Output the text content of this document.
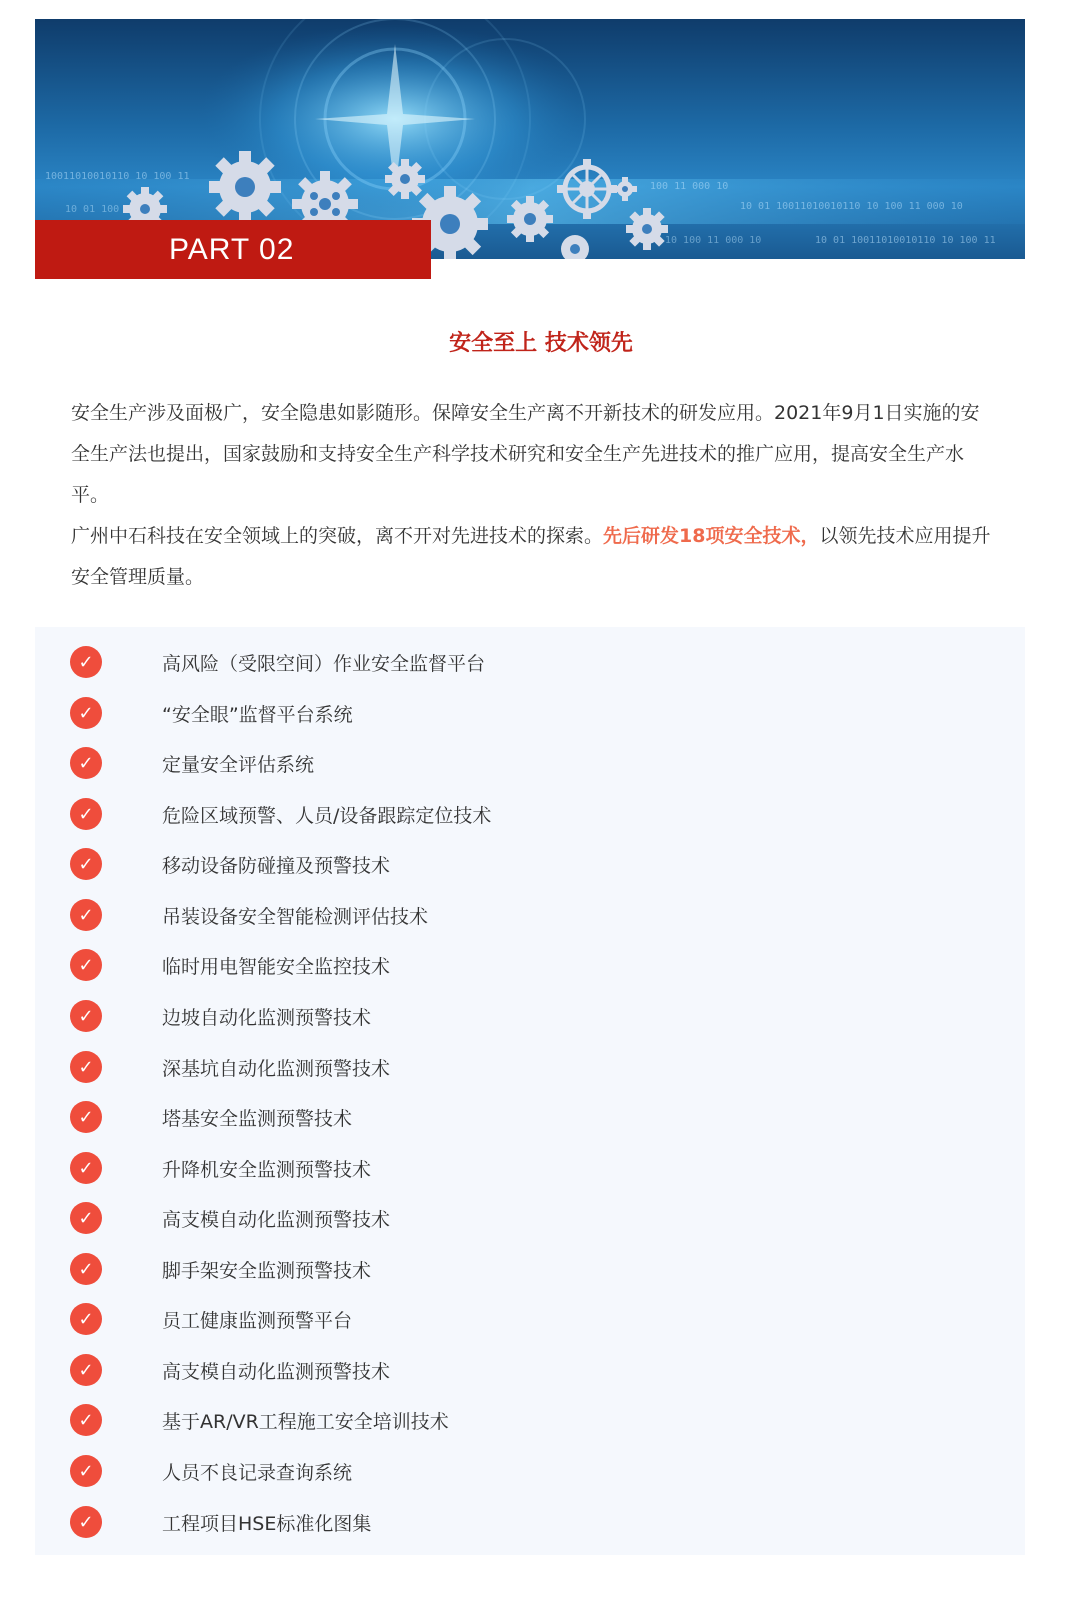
10011010010110 10 100 11
10 01 100
100 11 000 10
10 01 10011010010110 10 100 11 000 10
10 01 10011010010110 10 100 11
10 100 11 000 10
PART 02
安全至上 技术领先

安全生产涉及面极广，安全隐患如影随形。保障安全生产离不开新技术的研发应用。2021年9月1日实施的安全生产法也提出，国家鼓励和支持安全生产科学技术研究和安全生产先进技术的推广应用，提高安全生产水平。

广州中石科技在安全领域上的突破，离不开对先进技术的探索。先后研发18项安全技术，以领先技术应用提升安全管理质量。

✓	高风险（受限空间）作业安全监督平台
✓	“安全眼”监督平台系统
✓	定量安全评估系统
✓	危险区域预警、人员/设备跟踪定位技术
✓	移动设备防碰撞及预警技术
✓	吊装设备安全智能检测评估技术
✓	临时用电智能安全监控技术
✓	边坡自动化监测预警技术
✓	深基坑自动化监测预警技术
✓	塔基安全监测预警技术
✓	升降机安全监测预警技术
✓	高支模自动化监测预警技术
✓	脚手架安全监测预警技术
✓	员工健康监测预警平台
✓	高支模自动化监测预警技术
✓	基于AR/VR工程施工安全培训技术
✓	人员不良记录查询系统
✓	工程项目HSE标准化图集
